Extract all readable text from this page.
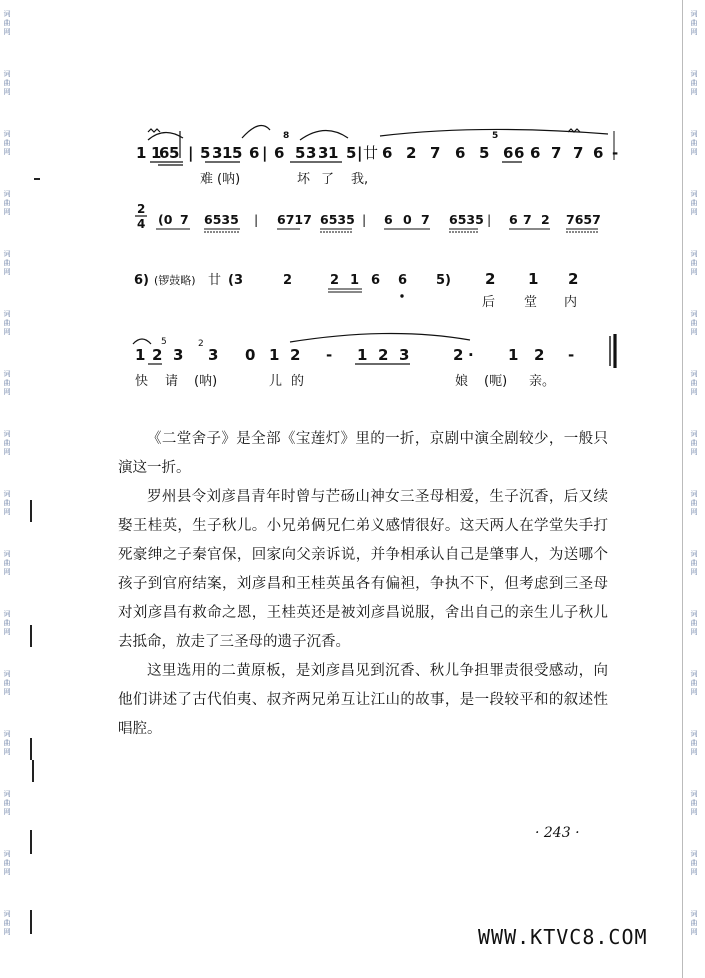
词
曲
网
词
曲
网
词
曲
网
词
曲
网
词
曲
网
词
曲
网
词
曲
网
词
曲
网
词
曲
网
词
曲
网
词
曲
网
词
曲
网
词
曲
网
词
曲
网
词
曲
网
词
曲
网
词
曲
网
词
曲
网
词
曲
网
词
曲
网
词
曲
网
词
曲
网
词
曲
网
词
曲
网
词
曲
网
词
曲
网
词
曲
网
词
曲
网
词
曲
网
词
曲
网
词
曲
网
词
曲
网
1 1
6 5 | 5 3 1 5 6 | 6 5 3 3 1 5 | 廿 6 2 7 6 5 6 6 6 7 7 6 -
8	5
难 (呐)	坏 了 我,
2
4 (0 7 6535 | 6717 6535 | 6 0 7 6535 | 6 7 2 7657
6) (锣鼓略) 廿 (3	2	2 1 6 6 5) 2 1 2
后 堂 内
1 2 3 3 0 1 2 - 1 2 3	2 · 1 2 -
5	2
快 请 (呐)	儿 的	娘 (呃) 亲。

《二堂舍子》是全部《宝莲灯》里的一折，京剧中演全剧较少，一般只演这一折。

罗州县令刘彦昌青年时曾与芒砀山神女三圣母相爱，生子沉香，后又续娶王桂英，生子秋儿。小兄弟俩兄仁弟义感情很好。这天两人在学堂失手打死豪绅之子秦官保，回家向父亲诉说，并争相承认自己是肇事人，为送哪个孩子到官府结案，刘彦昌和王桂英虽各有偏袒，争执不下，但考虑到三圣母对刘彦昌有救命之恩，王桂英还是被刘彦昌说服，舍出自己的亲生儿子秋儿去抵命，放走了三圣母的遗子沉香。

这里选用的二黄原板，是刘彦昌见到沉香、秋儿争担罪责很受感动，向他们讲述了古代伯夷、叔齐两兄弟互让江山的故事，是一段较平和的叙述性唱腔。

· 243 ·
WWW.KTVC8.COM
